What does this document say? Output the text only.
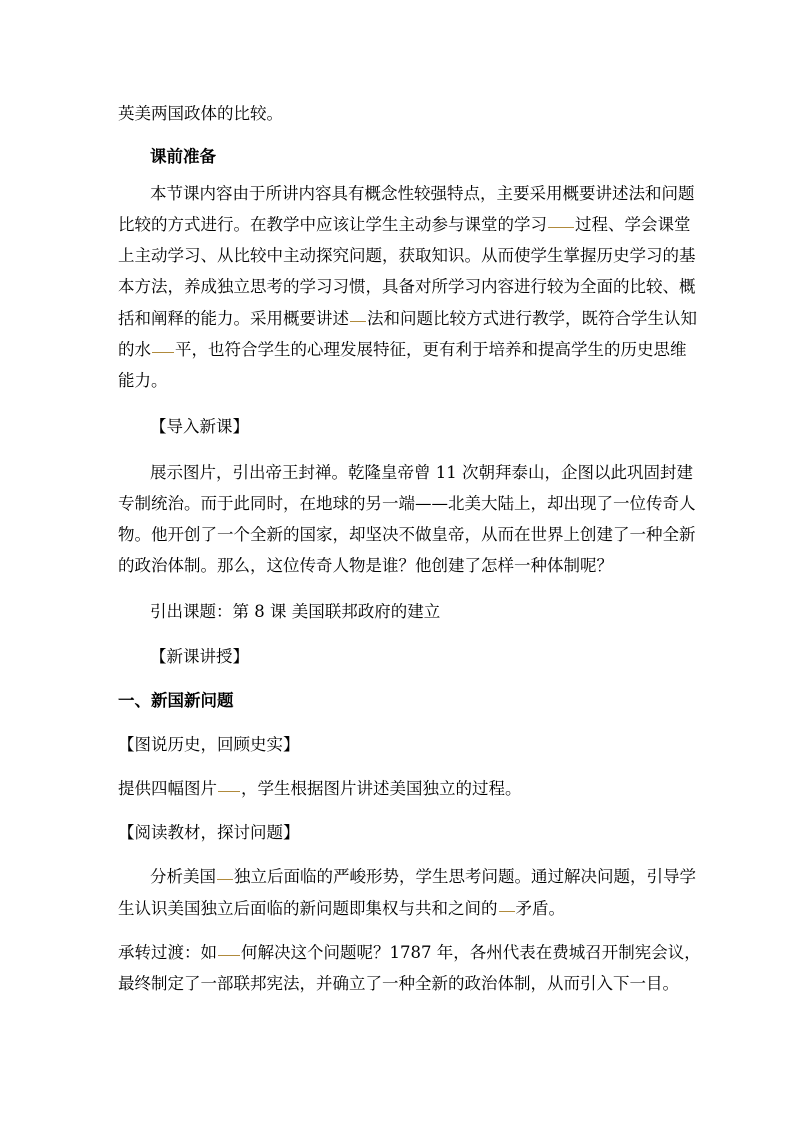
英美两国政体的比较。
课前准备
本节课内容由于所讲内容具有概念性较强特点，主要采用概要讲述法和问题
比较的方式进行。在教学中应该让学生主动参与课堂的学习 过程、学会课堂
上主动学习、从比较中主动探究问题，获取知识。从而使学生掌握历史学习的基
本方法，养成独立思考的学习习惯，具备对所学习内容进行较为全面的比较、概
括和阐释的能力。采用概要讲述 法和问题比较方式进行教学，既符合学生认知
的水 平，也符合学生的心理发展特征，更有利于培养和提高学生的历史思维
能力。
【导入新课】
展示图片，引出帝王封禅。乾隆皇帝曾 11 次朝拜泰山，企图以此巩固封建
专制统治。而于此同时，在地球的另一端——北美大陆上，却出现了一位传奇人
物。他开创了一个全新的国家，却坚决不做皇帝，从而在世界上创建了一种全新
的政治体制。那么，这位传奇人物是谁？他创建了怎样一种体制呢？
引出课题：第 8 课 美国联邦政府的建立
【新课讲授】
一、新国新问题
【图说历史，回顾史实】
提供四幅图片 ，学生根据图片讲述美国独立的过程。
【阅读教材，探讨问题】
分析美国 独立后面临的严峻形势，学生思考问题。通过解决问题，引导学
生认识美国独立后面临的新问题即集权与共和之间的 矛盾。
承转过渡：如 何解决这个问题呢？1787 年，各州代表在费城召开制宪会议，
最终制定了一部联邦宪法，并确立了一种全新的政治体制，从而引入下一目。
